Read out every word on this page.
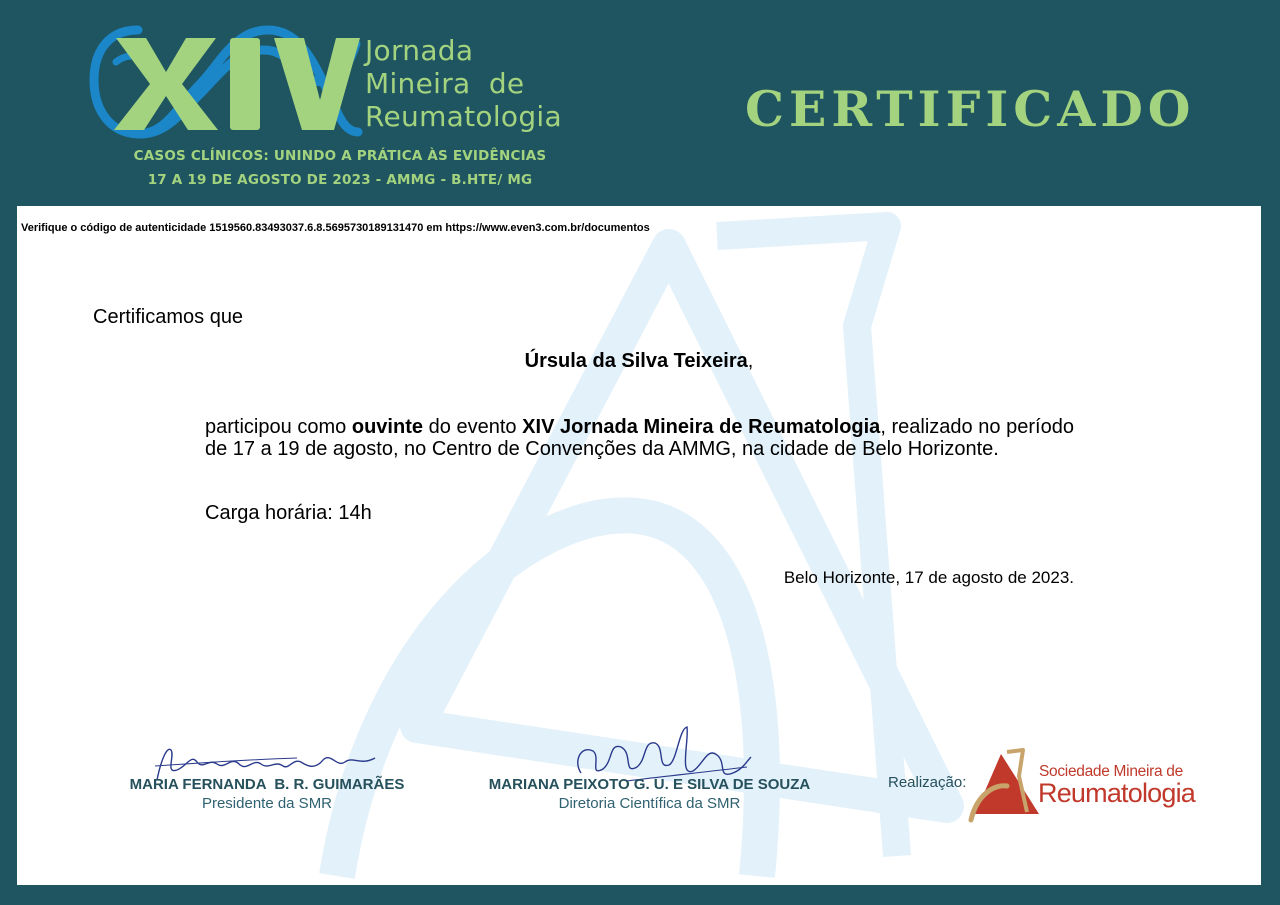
Jornada
Mineira  de
Reumatologia
CASOS CLÍNICOS: UNINDO A PRÁTICA ÀS EVIDÊNCIAS
17 A 19 DE AGOSTO DE 2023 - AMMG - B.HTE/ MG
CERTIFICADO
Verifique o código de autenticidade 1519560.83493037.6.8.5695730189131470 em https://www.even3.com.br/documentos
Certificamos que
Úrsula da Silva Teixeira,
participou como ouvinte do evento XIV Jornada Mineira de Reumatologia, realizado no período de 17 a 19 de agosto, no Centro de Convenções da AMMG, na cidade de Belo Horizonte.
Carga horária: 14h
Belo Horizonte, 17 de agosto de 2023.
MARIA FERNANDA  B. R. GUIMARÃES
Presidente da SMR
MARIANA PEIXOTO G. U. E SILVA DE SOUZA
Diretoria Científica da SMR
Realização:
Sociedade Mineira de
Reumatologia
